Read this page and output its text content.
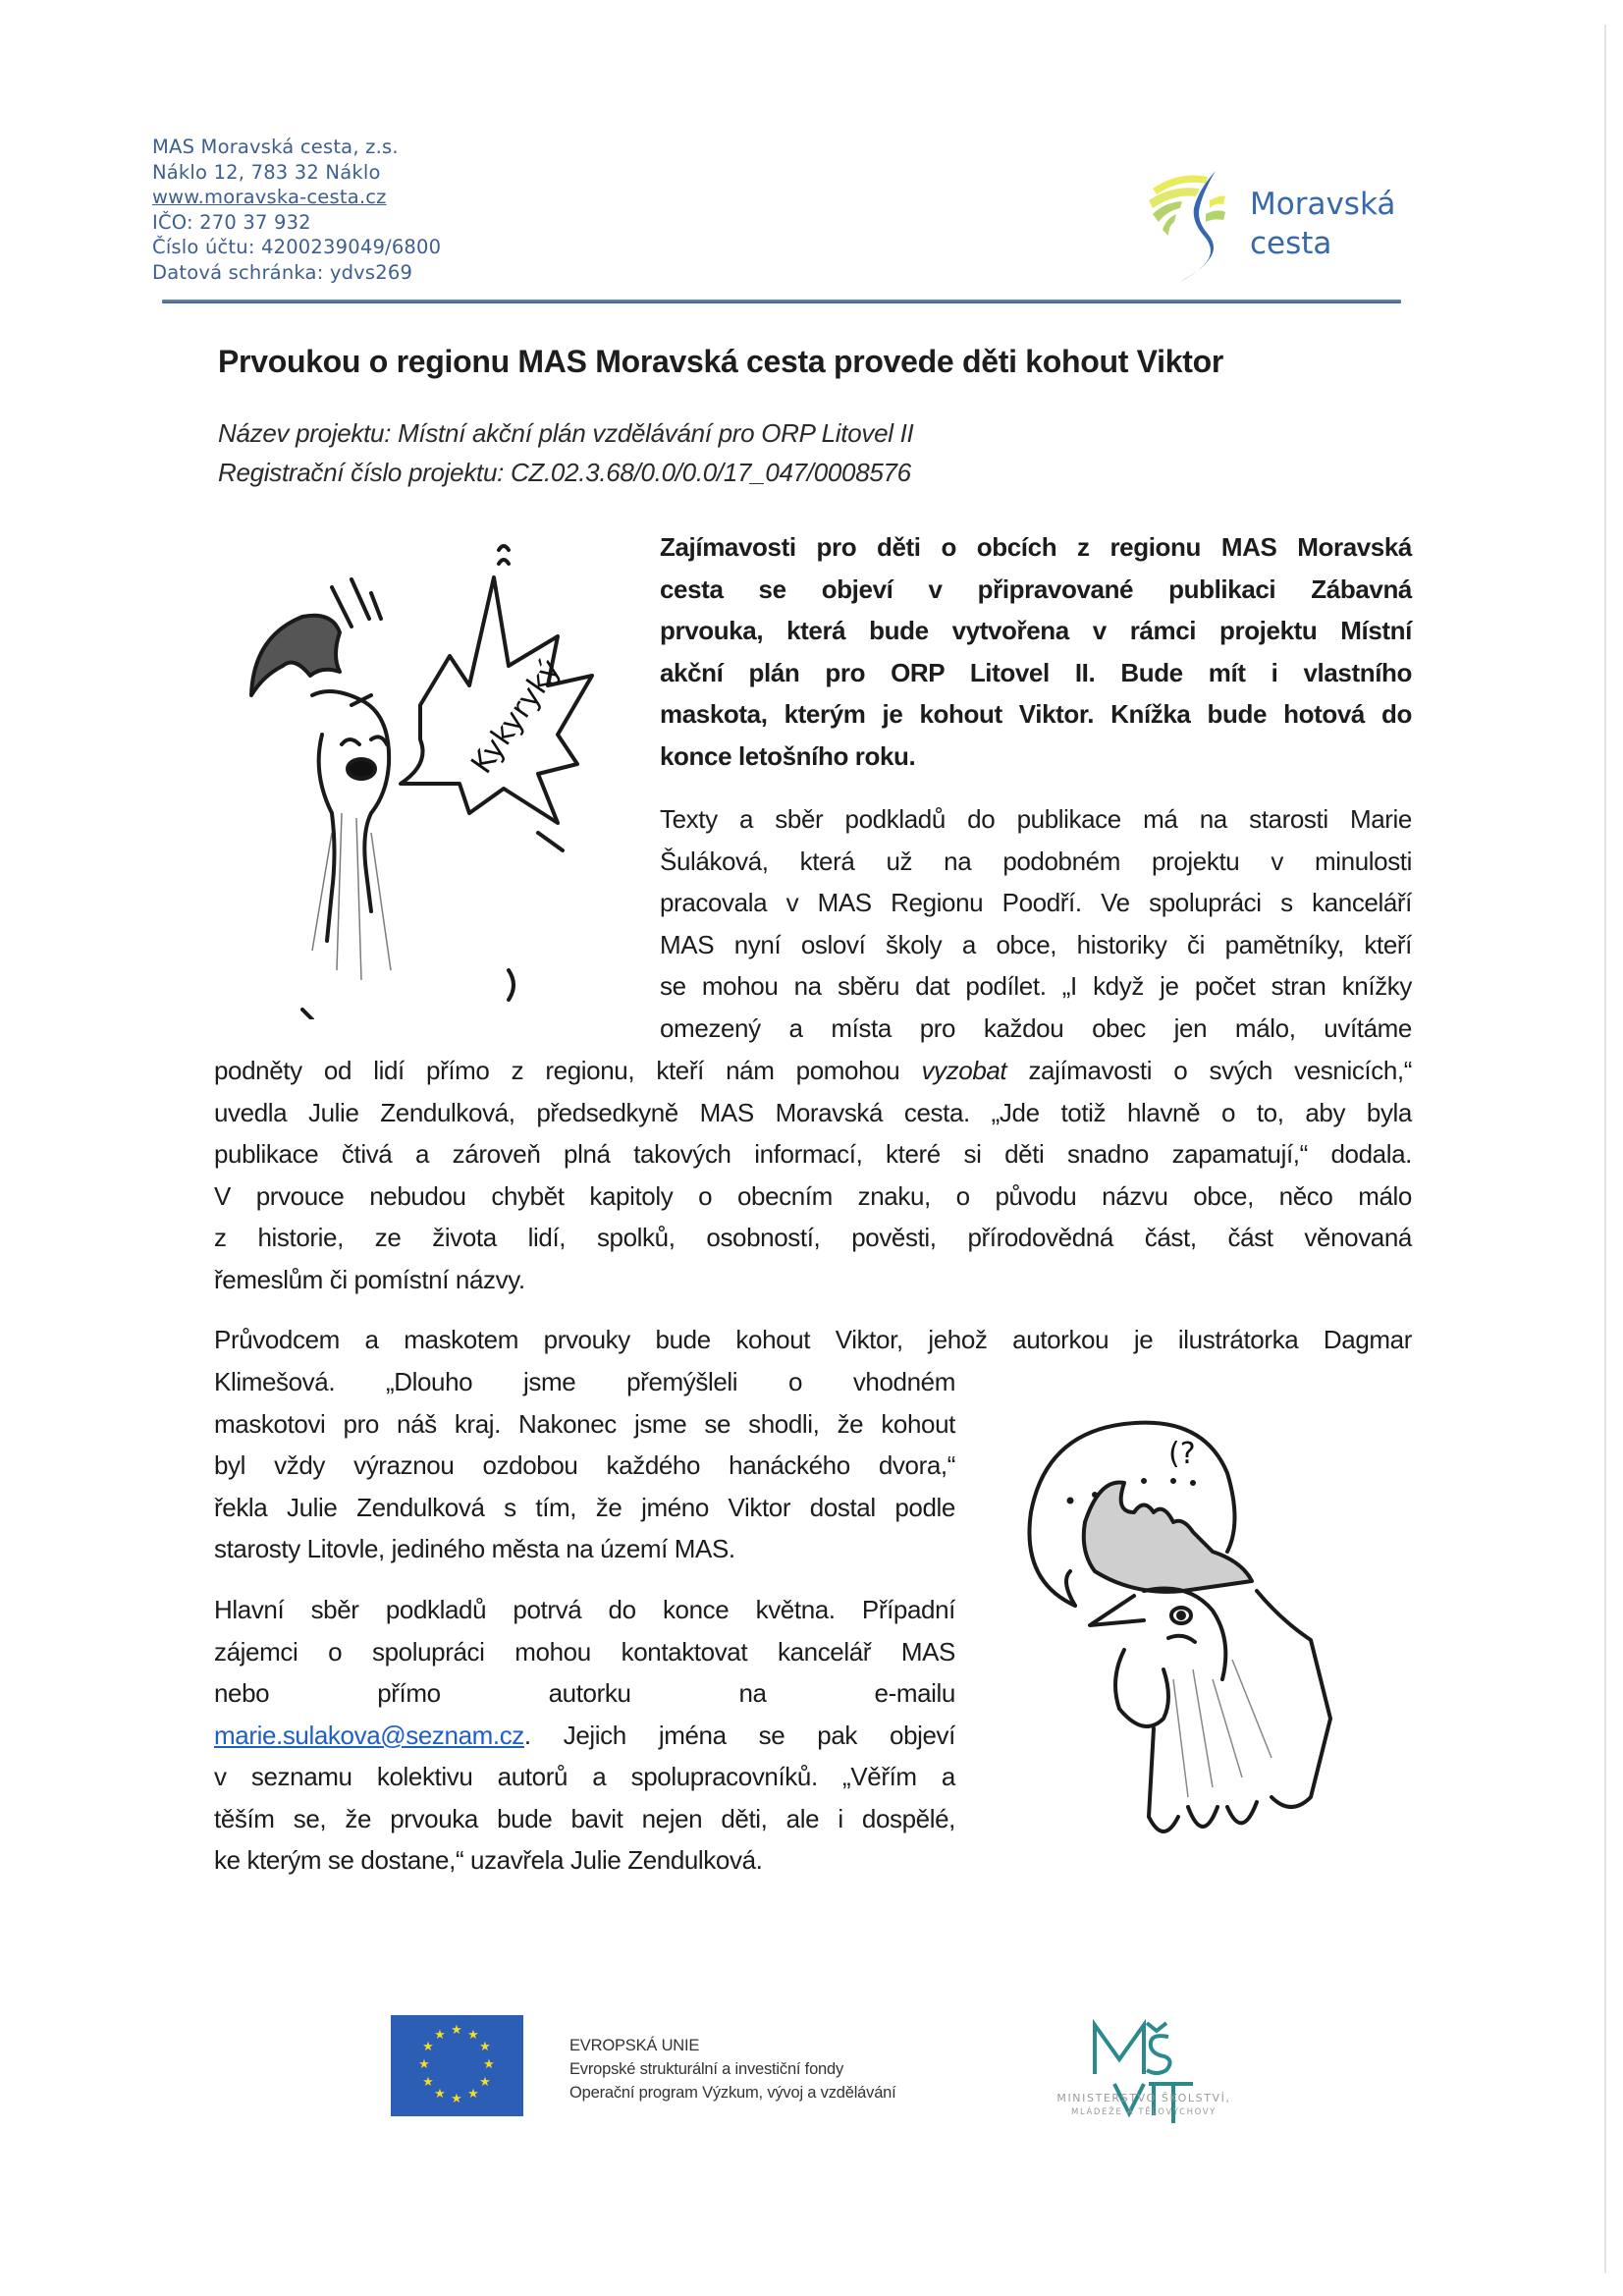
MAS Moravská cesta, z.s.
Náklo 12, 783 32 Náklo
www.moravska-cesta.cz
IČO: 270 37 932
Číslo účtu: 4200239049/6800
Datová schránka: ydvs269
Moravská
cesta
Prvoukou o regionu MAS Moravská cesta provede děti kohout Viktor
Název projektu: Místní akční plán vzdělávání pro ORP Litovel II
Registrační číslo projektu: CZ.02.3.68/0.0/0.0/17_047/0008576
Kykyryký
Zajímavosti pro děti o obcích z regionu MAS Moravská
cesta se objeví v připravované publikaci Zábavná
prvouka, která bude vytvořena v rámci projektu Místní
akční plán pro ORP Litovel II. Bude mít i vlastního
maskota, kterým je kohout Viktor. Knížka bude hotová do
konce letošního roku.
Texty a sběr podkladů do publikace má na starosti Marie
Šuláková, která už na podobném projektu v minulosti
pracovala v MAS Regionu Poodří. Ve spolupráci s kanceláří
MAS nyní osloví školy a obce, historiky či pamětníky, kteří
se mohou na sběru dat podílet. „I když je počet stran knížky
omezený a místa pro každou obec jen málo, uvítáme
podněty od lidí přímo z regionu, kteří nám pomohou vyzobat zajímavosti o svých vesnicích,“
uvedla Julie Zendulková, předsedkyně MAS Moravská cesta. „Jde totiž hlavně o to, aby byla
publikace čtivá a zároveň plná takových informací, které si děti snadno zapamatují,“ dodala.
V prvouce nebudou chybět kapitoly o obecním znaku, o původu názvu obce, něco málo
z historie, ze života lidí, spolků, osobností, pověsti, přírodovědná část, část věnovaná
řemeslům či pomístní názvy.
Průvodcem a maskotem prvouky bude kohout Viktor, jehož autorkou je ilustrátorka Dagmar
Klimešová. „Dlouho jsme přemýšleli o vhodném
maskotovi pro náš kraj. Nakonec jsme se shodli, že kohout
byl vždy výraznou ozdobou každého hanáckého dvora,“
řekla Julie Zendulková s tím, že jméno Viktor dostal podle
starosty Litovle, jediného města na území MAS.
(?
Hlavní sběr podkladů potrvá do konce května. Případní
zájemci o spolupráci mohou kontaktovat kancelář MAS
nebo přímo autorku na e-mailu
marie.sulakova@seznam.cz. Jejich jména se pak objeví
v seznamu kolektivu autorů a spolupracovníků. „Věřím a
těším se, že prvouka bude bavit nejen děti, ale i dospělé,
ke kterým se dostane,“ uzavřela Julie Zendulková.
★ ★
★
★
★
★
★
★
★
★
★
★
EVROPSKÁ UNIE
Evropské strukturální a investiční fondy
Operační program Výzkum, vývoj a vzdělávání	MINISTERSTVO ŠKOLSTVÍ,
MLÁDEŽE A TĚLOVÝCHOVY
